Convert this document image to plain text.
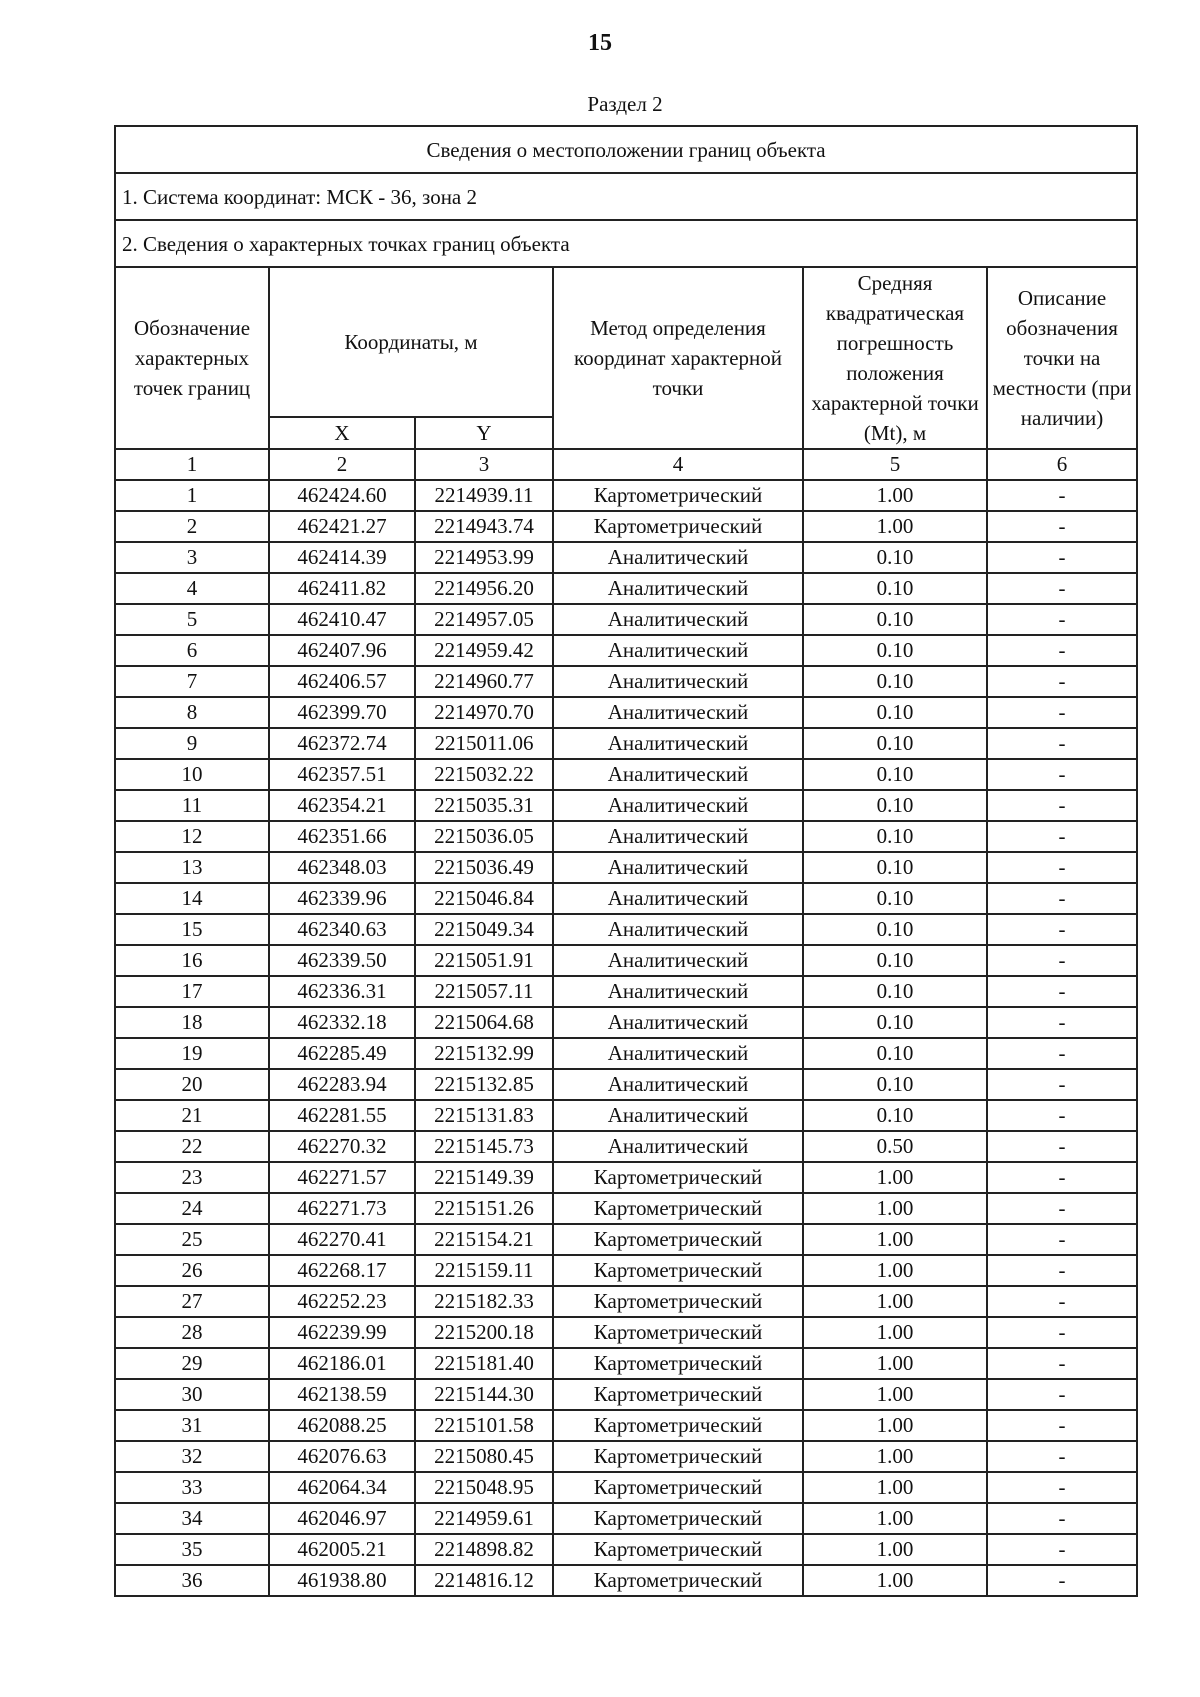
15
Раздел 2
Сведения о местоположении границ объекта					
1. Система координат: МСК - 36, зона 2					
2. Сведения о характерных точках границ объекта					
Обозначение характерных точек границ	Координаты, м		Метод определения координат характерной точки	Средняя квадратическая погрешность положения характерной точки (Mt), м	Описание обозначения точки на местности (при наличии)
	X	Y			
1	2	3	4	5	6
1	462424.60	2214939.11	Картометрический	1.00	-
2	462421.27	2214943.74	Картометрический	1.00	-
3	462414.39	2214953.99	Аналитический	0.10	-
4	462411.82	2214956.20	Аналитический	0.10	-
5	462410.47	2214957.05	Аналитический	0.10	-
6	462407.96	2214959.42	Аналитический	0.10	-
7	462406.57	2214960.77	Аналитический	0.10	-
8	462399.70	2214970.70	Аналитический	0.10	-
9	462372.74	2215011.06	Аналитический	0.10	-
10	462357.51	2215032.22	Аналитический	0.10	-
11	462354.21	2215035.31	Аналитический	0.10	-
12	462351.66	2215036.05	Аналитический	0.10	-
13	462348.03	2215036.49	Аналитический	0.10	-
14	462339.96	2215046.84	Аналитический	0.10	-
15	462340.63	2215049.34	Аналитический	0.10	-
16	462339.50	2215051.91	Аналитический	0.10	-
17	462336.31	2215057.11	Аналитический	0.10	-
18	462332.18	2215064.68	Аналитический	0.10	-
19	462285.49	2215132.99	Аналитический	0.10	-
20	462283.94	2215132.85	Аналитический	0.10	-
21	462281.55	2215131.83	Аналитический	0.10	-
22	462270.32	2215145.73	Аналитический	0.50	-
23	462271.57	2215149.39	Картометрический	1.00	-
24	462271.73	2215151.26	Картометрический	1.00	-
25	462270.41	2215154.21	Картометрический	1.00	-
26	462268.17	2215159.11	Картометрический	1.00	-
27	462252.23	2215182.33	Картометрический	1.00	-
28	462239.99	2215200.18	Картометрический	1.00	-
29	462186.01	2215181.40	Картометрический	1.00	-
30	462138.59	2215144.30	Картометрический	1.00	-
31	462088.25	2215101.58	Картометрический	1.00	-
32	462076.63	2215080.45	Картометрический	1.00	-
33	462064.34	2215048.95	Картометрический	1.00	-
34	462046.97	2214959.61	Картометрический	1.00	-
35	462005.21	2214898.82	Картометрический	1.00	-
36	461938.80	2214816.12	Картометрический	1.00	-
